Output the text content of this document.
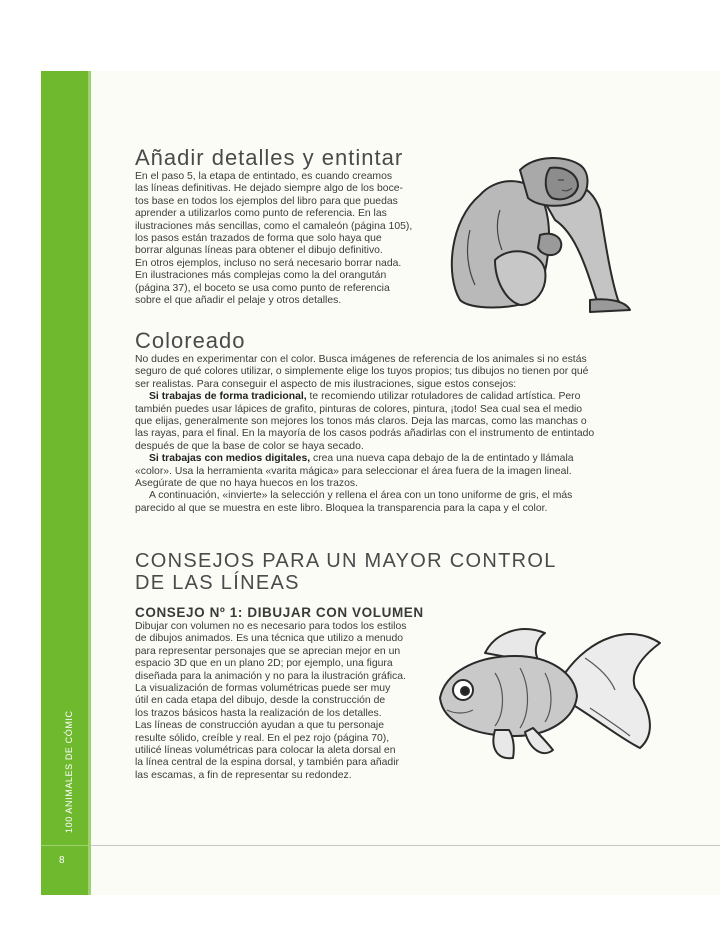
100 ANIMALES DE CÓMIC
8
Añadir detalles y entintar

En el paso 5, la etapa de entintado, es cuando creamos

las líneas definitivas. He dejado siempre algo de los boce-

tos base en todos los ejemplos del libro para que puedas

aprender a utilizarlos como punto de referencia. En las

ilustraciones más sencillas, como el camaleón (página 105),

los pasos están trazados de forma que solo haya que

borrar algunas líneas para obtener el dibujo definitivo.

En otros ejemplos, incluso no será necesario borrar nada.

En ilustraciones más complejas como la del orangután

(página 37), el boceto se usa como punto de referencia

sobre el que añadir el pelaje y otros detalles.

Coloreado

No dudes en experimentar con el color. Busca imágenes de referencia de los animales si no estás

seguro de qué colores utilizar, o simplemente elige los tuyos propios; tus dibujos no tienen por qué

ser realistas. Para conseguir el aspecto de mis ilustraciones, sigue estos consejos:

Si trabajas de forma tradicional, te recomiendo utilizar rotuladores de calidad artística. Pero

también puedes usar lápices de grafito, pinturas de colores, pintura, ¡todo! Sea cual sea el medio

que elijas, generalmente son mejores los tonos más claros. Deja las marcas, como las manchas o

las rayas, para el final. En la mayoría de los casos podrás añadirlas con el instrumento de entintado

después de que la base de color se haya secado.

Si trabajas con medios digitales, crea una nueva capa debajo de la de entintado y llámala

«color». Usa la herramienta «varita mágica» para seleccionar el área fuera de la imagen lineal.

Asegúrate de que no haya huecos en los trazos.

A continuación, «invierte» la selección y rellena el área con un tono uniforme de gris, el más

parecido al que se muestra en este libro. Bloquea la transparencia para la capa y el color.

CONSEJOS PARA UN MAYOR CONTROL
DE LAS LÍNEAS
CONSEJO Nº 1: DIBUJAR CON VOLUMEN

Dibujar con volumen no es necesario para todos los estilos

de dibujos animados. Es una técnica que utilizo a menudo

para representar personajes que se aprecian mejor en un

espacio 3D que en un plano 2D; por ejemplo, una figura

diseñada para la animación y no para la ilustración gráfica.

La visualización de formas volumétricas puede ser muy

útil en cada etapa del dibujo, desde la construcción de

los trazos básicos hasta la realización de los detalles.

Las líneas de construcción ayudan a que tu personaje

resulte sólido, creíble y real. En el pez rojo (página 70),

utilicé líneas volumétricas para colocar la aleta dorsal en

la línea central de la espina dorsal, y también para añadir

las escamas, a fin de representar su redondez.
